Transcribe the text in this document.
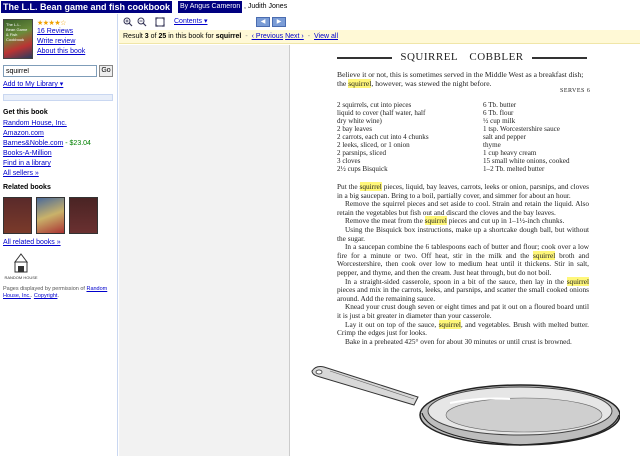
The L.L. Bean game and fish cookbook By Angus Cameron , Judith Jones
The L.L. Bean Game & Fish Cookbook
★★★★☆
16 Reviews
Write review
About this book
squirrel
Go
Add to My Library ▾
Get this book
Random House, Inc.
Amazon.com
Barnes&Noble.com - $23.04
Books-A-Million
Find in a library
All sellers »
Related books
All related books »
RANDOM HOUSE
Pages displayed by permission of Random House, Inc.. Copyright.
Contents ▾	◀	▶
Result 3 of 25 in this book for squirrel - ‹ Previous Next › - View all
SQUIRREL COBBLER
Believe it or not, this is sometimes served in the Middle West as a breakfast dish; the squirrel, however, was stewed the night before.
SERVES 6
2 squirrels, cut into pieces
liquid to cover (half water, half
dry white wine)
2 bay leaves
2 carrots, each cut into 4 chunks
2 leeks, sliced, or 1 onion
2 parsnips, sliced
3 cloves
2½ cups Bisquick
6 Tb. butter
6 Tb. flour
½ cup milk
1 tsp. Worcestershire sauce
salt and pepper
thyme
1 cup heavy cream
15 small white onions, cooked
1–2 Tb. melted butter

Put the squirrel pieces, liquid, bay leaves, carrots, leeks or onion, parsnips, and cloves in a big saucepan. Bring to a boil, partially cover, and simmer for about an hour.

Remove the squirrel pieces and set aside to cool. Strain and retain the liquid. Also retain the vegetables but fish out and discard the cloves and the bay leaves.

Remove the meat from the squirrel pieces and cut up in 1–1½-inch chunks.

Using the Bisquick box instructions, make up a shortcake dough ball, but without the sugar.

In a saucepan combine the 6 tablespoons each of butter and flour; cook over a low fire for a minute or two. Off heat, stir in the milk and the squirrel broth and Worcestershire, then cook over low to medium heat until it thickens. Stir in salt, pepper, and thyme, and then the cream. Just heat through, but do not boil.

In a straight-sided casserole, spoon in a bit of the sauce, then lay in the squirrel pieces and mix in the carrots, leeks, and parsnips, and scatter the small cooked onions around. Add the remaining sauce.

Knead your crust dough seven or eight times and pat it out on a floured board until it is just a bit greater in diameter than your casserole.

Lay it out on top of the sauce, squirrel, and vegetables. Brush with melted butter. Crimp the edges just for looks.

Bake in a preheated 425° oven for about 30 minutes or until crust is browned.
